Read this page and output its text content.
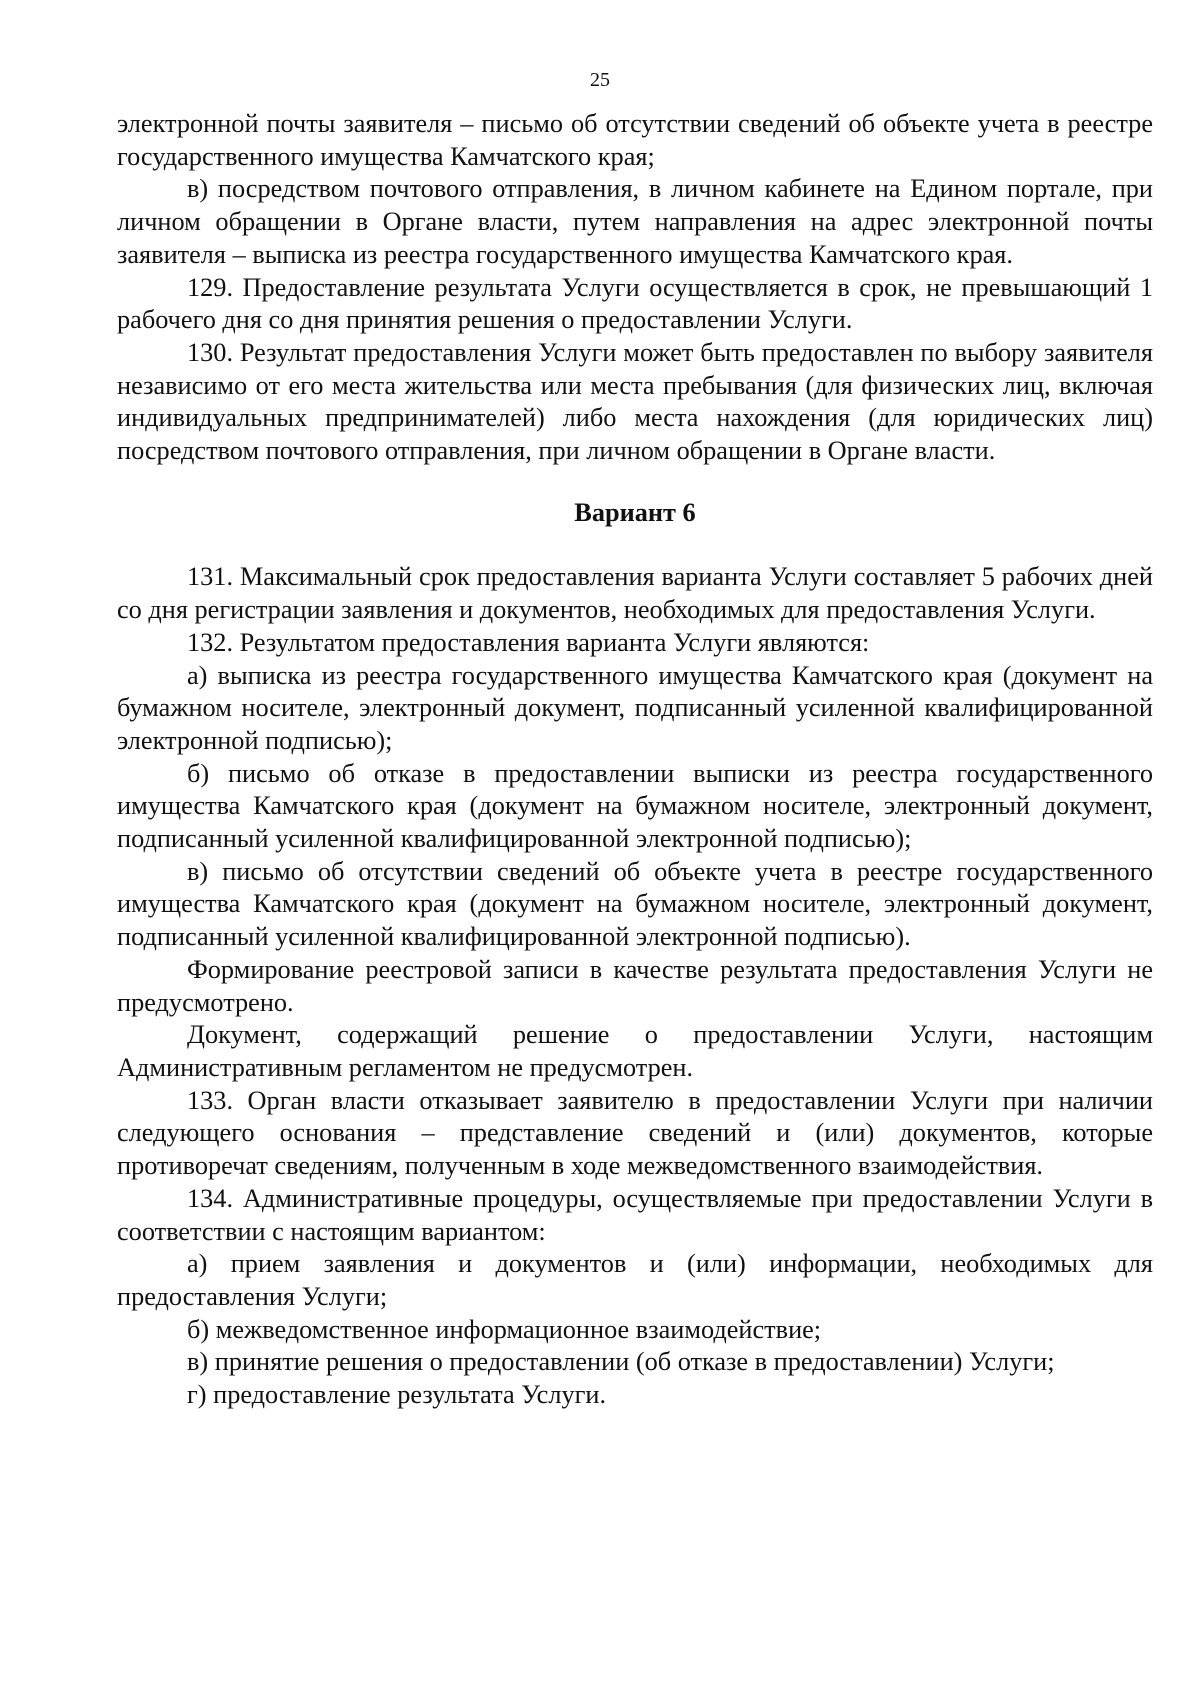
25

электронной почты заявителя – письмо об отсутствии сведений об объекте учета в реестре государственного имущества Камчатского края;

в) посредством почтового отправления, в личном кабинете на Едином портале, при личном обращении в Органе власти, путем направления на адрес электронной почты заявителя – выписка из реестра государственного имущества Камчатского края.

129. Предоставление результата Услуги осуществляется в срок, не превышающий 1 рабочего дня со дня принятия решения о предоставлении Услуги.

130. Результат предоставления Услуги может быть предоставлен по выбору заявителя независимо от его места жительства или места пребывания (для физических лиц, включая индивидуальных предпринимателей) либо места нахождения (для юридических лиц) посредством почтового отправления, при личном обращении в Органе власти.

Вариант 6

131. Максимальный срок предоставления варианта Услуги составляет 5 рабочих дней со дня регистрации заявления и документов, необходимых для предоставления Услуги.

132. Результатом предоставления варианта Услуги являются:

а) выписка из реестра государственного имущества Камчатского края (документ на бумажном носителе, электронный документ, подписанный усиленной квалифицированной электронной подписью);

б) письмо об отказе в предоставлении выписки из реестра государственного имущества Камчатского края (документ на бумажном носителе, электронный документ, подписанный усиленной квалифицированной электронной подписью);

в) письмо об отсутствии сведений об объекте учета в реестре государственного имущества Камчатского края (документ на бумажном носителе, электронный документ, подписанный усиленной квалифицированной электронной подписью).

Формирование реестровой записи в качестве результата предоставления Услуги не предусмотрено.

Документ, содержащий решение о предоставлении Услуги, настоящим Административным регламентом не предусмотрен.

133. Орган власти отказывает заявителю в предоставлении Услуги при наличии следующего основания – представление сведений и (или) документов, которые противоречат сведениям, полученным в ходе межведомственного взаимодействия.

134. Административные процедуры, осуществляемые при предоставлении Услуги в соответствии с настоящим вариантом:

а) прием заявления и документов и (или) информации, необходимых для предоставления Услуги;

б) межведомственное информационное взаимодействие;

в) принятие решения о предоставлении (об отказе в предоставлении) Услуги;

г) предоставление результата Услуги.
